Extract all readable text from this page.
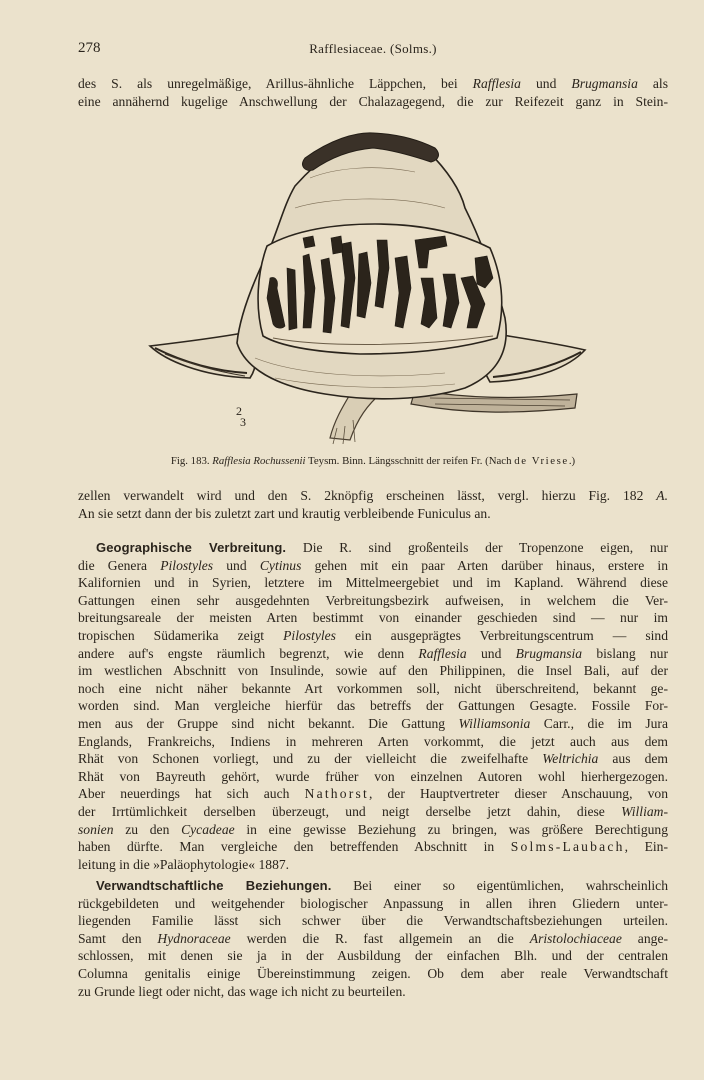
278	Rafflesiaceae. (Solms.)
des S. als unregelmäßige, Arillus-ähnliche Läppchen, bei Rafflesia und Brugmansia als
eine annähernd kugelige Anschwellung der Chalazagegend, die zur Reifezeit ganz in Stein-
2
3
Fig. 183. Rafflesia Rochussenii Teysm. Binn. Längsschnitt der reifen Fr. (Nach de Vriese.)
zellen verwandelt wird und den S. 2knöpfig erscheinen lässt, vergl. hierzu Fig. 182 A.
An sie setzt dann der bis zuletzt zart und krautig verbleibende Funiculus an.
Geographische Verbreitung. Die R. sind großenteils der Tropenzone eigen, nur
die Genera Pilostyles und Cytinus gehen mit ein paar Arten darüber hinaus, erstere in
Kalifornien und in Syrien, letztere im Mittelmeergebiet und im Kapland. Während diese
Gattungen einen sehr ausgedehnten Verbreitungsbezirk aufweisen, in welchem die Ver-
breitungsareale der meisten Arten bestimmt von einander geschieden sind — nur im
tropischen Südamerika zeigt Pilostyles ein ausgeprägtes Verbreitungscentrum — sind
andere auf's engste räumlich begrenzt, wie denn Rafflesia und Brugmansia bislang nur
im westlichen Abschnitt von Insulinde, sowie auf den Philippinen, die Insel Bali, auf der
noch eine nicht näher bekannte Art vorkommen soll, nicht überschreitend, bekannt ge-
worden sind. Man vergleiche hierfür das betreffs der Gattungen Gesagte. Fossile For-
men aus der Gruppe sind nicht bekannt. Die Gattung Williamsonia Carr., die im Jura
Englands, Frankreichs, Indiens in mehreren Arten vorkommt, die jetzt auch aus dem
Rhät von Schonen vorliegt, und zu der vielleicht die zweifelhafte Weltrichia aus dem
Rhät von Bayreuth gehört, wurde früher von einzelnen Autoren wohl hierhergezogen.
Aber neuerdings hat sich auch Nathorst, der Hauptvertreter dieser Anschauung, von
der Irrtümlichkeit derselben überzeugt, und neigt derselbe jetzt dahin, diese William-
sonien zu den Cycadeae in eine gewisse Beziehung zu bringen, was größere Berechtigung
haben dürfte. Man vergleiche den betreffenden Abschnitt in Solms-Laubach, Ein-
leitung in die »Paläophytologie« 1887.
Verwandtschaftliche Beziehungen. Bei einer so eigentümlichen, wahrscheinlich
rückgebildeten und weitgehender biologischer Anpassung in allen ihren Gliedern unter-
liegenden Familie lässt sich schwer über die Verwandtschaftsbeziehungen urteilen.
Samt den Hydnoraceae werden die R. fast allgemein an die Aristolochiaceae ange-
schlossen, mit denen sie ja in der Ausbildung der einfachen Blh. und der centralen
Columna genitalis einige Übereinstimmung zeigen. Ob dem aber reale Verwandtschaft
zu Grunde liegt oder nicht, das wage ich nicht zu beurteilen.
